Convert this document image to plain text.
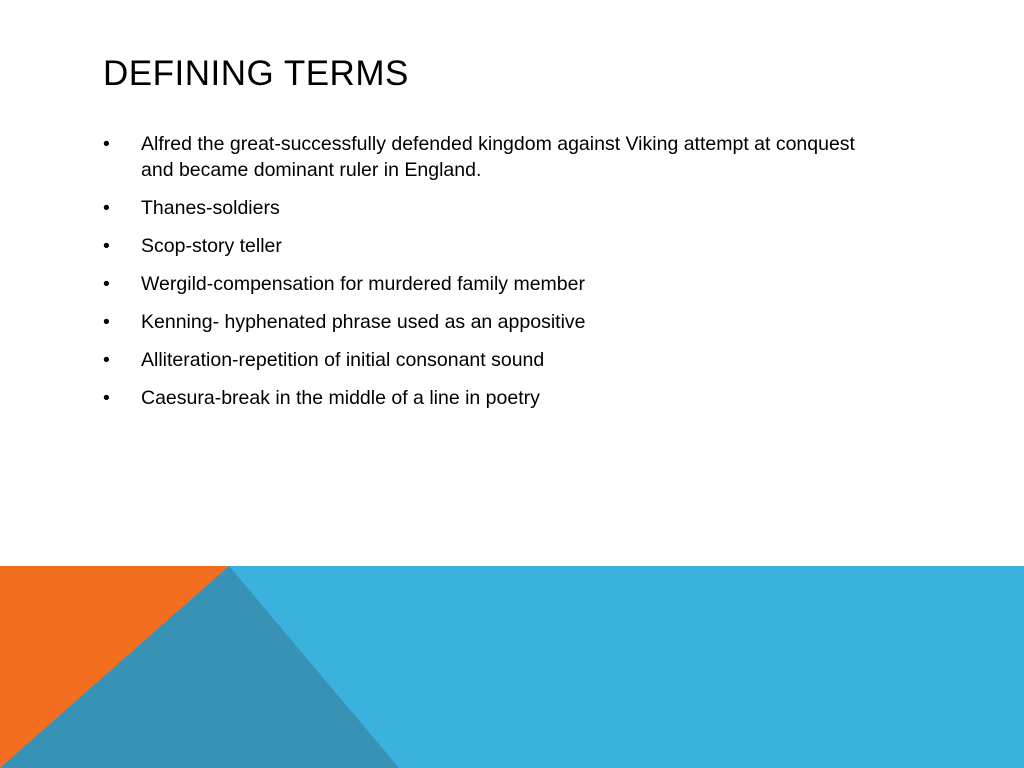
DEFINING TERMS
•	Alfred the great-successfully defended kingdom against Viking attempt at conquest and became dominant ruler in England.
•	Thanes-soldiers
•	Scop-story teller
•	Wergild-compensation for murdered family member
•	Kenning- hyphenated phrase used as an appositive
•	Alliteration-repetition of initial consonant sound
•	Caesura-break in the middle of a line in poetry
